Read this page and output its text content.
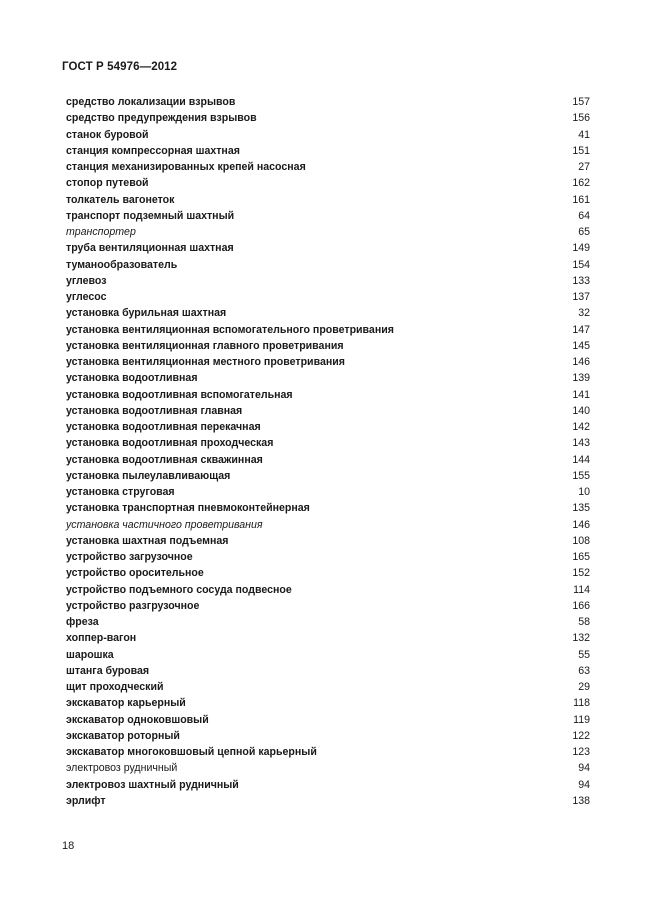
ГОСТ Р 54976—2012
средство локализации взрывов	157
средство предупреждения взрывов	156
станок буровой	41
станция компрессорная шахтная	151
станция механизированных крепей насосная	27
стопор путевой	162
толкатель вагонеток	161
транспорт подземный шахтный	64
транспортер	65
труба вентиляционная шахтная	149
туманообразователь	154
углевоз	133
углесос	137
установка бурильная шахтная	32
установка вентиляционная вспомогательного проветривания	147
установка вентиляционная главного проветривания	145
установка вентиляционная местного проветривания	146
установка водоотливная	139
установка водоотливная вспомогательная	141
установка водоотливная главная	140
установка водоотливная перекачная	142
установка водоотливная проходческая	143
установка водоотливная скважинная	144
установка пылеулавливающая	155
установка струговая	10
установка транспортная пневмоконтейнерная	135
установка частичного проветривания	146
установка шахтная подъемная	108
устройство загрузочное	165
устройство оросительное	152
устройство подъемного сосуда подвесное	114
устройство разгрузочное	166
фреза	58
хоппер-вагон	132
шарошка	55
штанга буровая	63
щит проходческий	29
экскаватор карьерный	118
экскаватор одноковшовый	119
экскаватор роторный	122
экскаватор многоковшовый цепной карьерный	123
электровоз рудничный	94
электровоз шахтный рудничный	94
эрлифт	138
18
